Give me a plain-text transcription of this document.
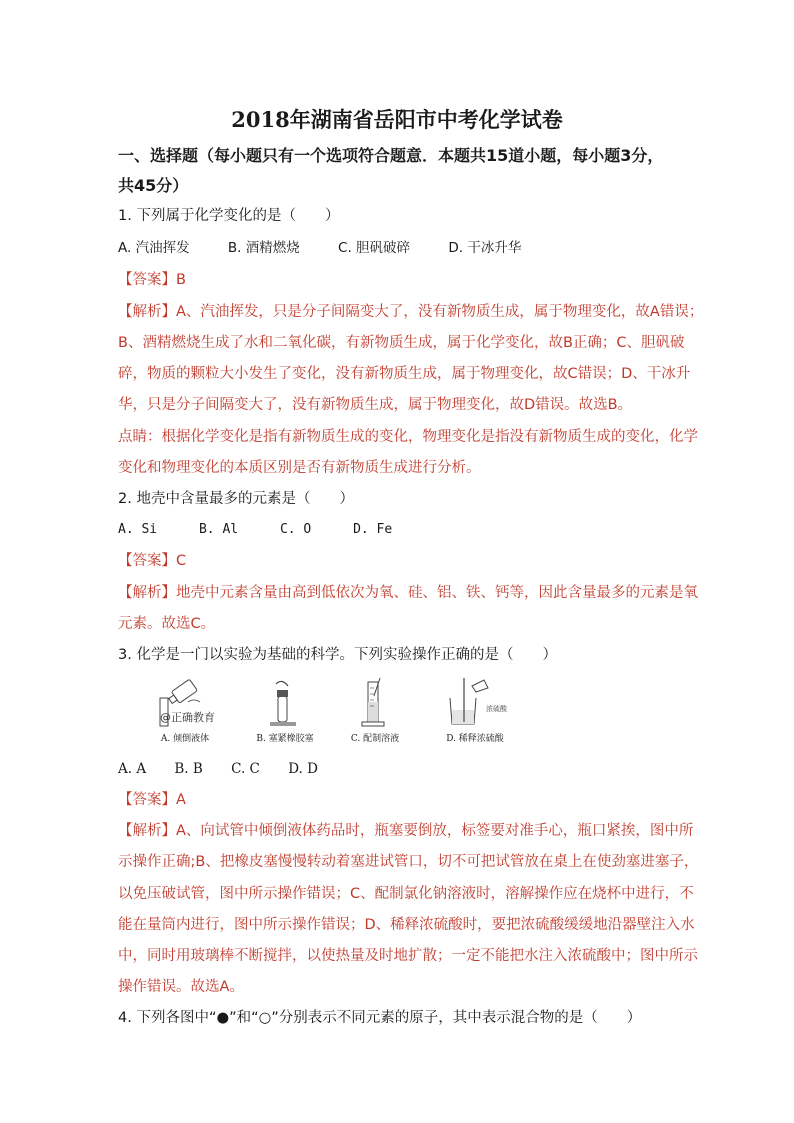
2018年湖南省岳阳市中考化学试卷
一、选择题（每小题只有一个选项符合题意．本题共15道小题，每小题3分，
共45分）
1. 下列属于化学变化的是（　　）
A. 汽油挥发	B. 酒精燃烧	C. 胆矾破碎	D. 干冰升华
【答案】B
【解析】A、汽油挥发，只是分子间隔变大了，没有新物质生成，属于物理变化，故A错误；
B、酒精燃烧生成了水和二氧化碳，有新物质生成，属于化学变化，故B正确；C、胆矾破
碎，物质的颗粒大小发生了变化，没有新物质生成，属于物理变化，故C错误；D、干冰升
华，只是分子间隔变大了，没有新物质生成，属于物理变化，故D错误。故选B。
点睛：根据化学变化是指有新物质生成的变化，物理变化是指没有新物质生成的变化，化学
变化和物理变化的本质区别是否有新物质生成进行分析。
2. 地壳中含量最多的元素是（　　）
A. Si	B. Al	C. O	D. Fe
【答案】C
【解析】地壳中元素含量由高到低依次为氧、硅、铝、铁、钙等，因此含量最多的元素是氧
元素。故选C。
3. 化学是一门以实验为基础的科学。下列实验操作正确的是（　　）
A. 倾倒液体	B. 塞紧橡胶塞	C. 配制溶液
浓硫酸
D. 稀释浓硫酸
@正确教育
A. A B. B C. C D. D
【答案】A
【解析】A、向试管中倾倒液体药品时，瓶塞要倒放，标签要对准手心，瓶口紧挨，图中所
示操作正确;B、把橡皮塞慢慢转动着塞进试管口，切不可把试管放在桌上在使劲塞进塞子，
以免压破试管，图中所示操作错误；C、配制氯化钠溶液时，溶解操作应在烧杯中进行，不
能在量筒内进行，图中所示操作错误；D、稀释浓硫酸时，要把浓硫酸缓缓地沿器壁注入水
中，同时用玻璃棒不断搅拌，以使热量及时地扩散；一定不能把水注入浓硫酸中；图中所示
操作错误。故选A。
4. 下列各图中“●”和“○”分别表示不同元素的原子，其中表示混合物的是（　　）
